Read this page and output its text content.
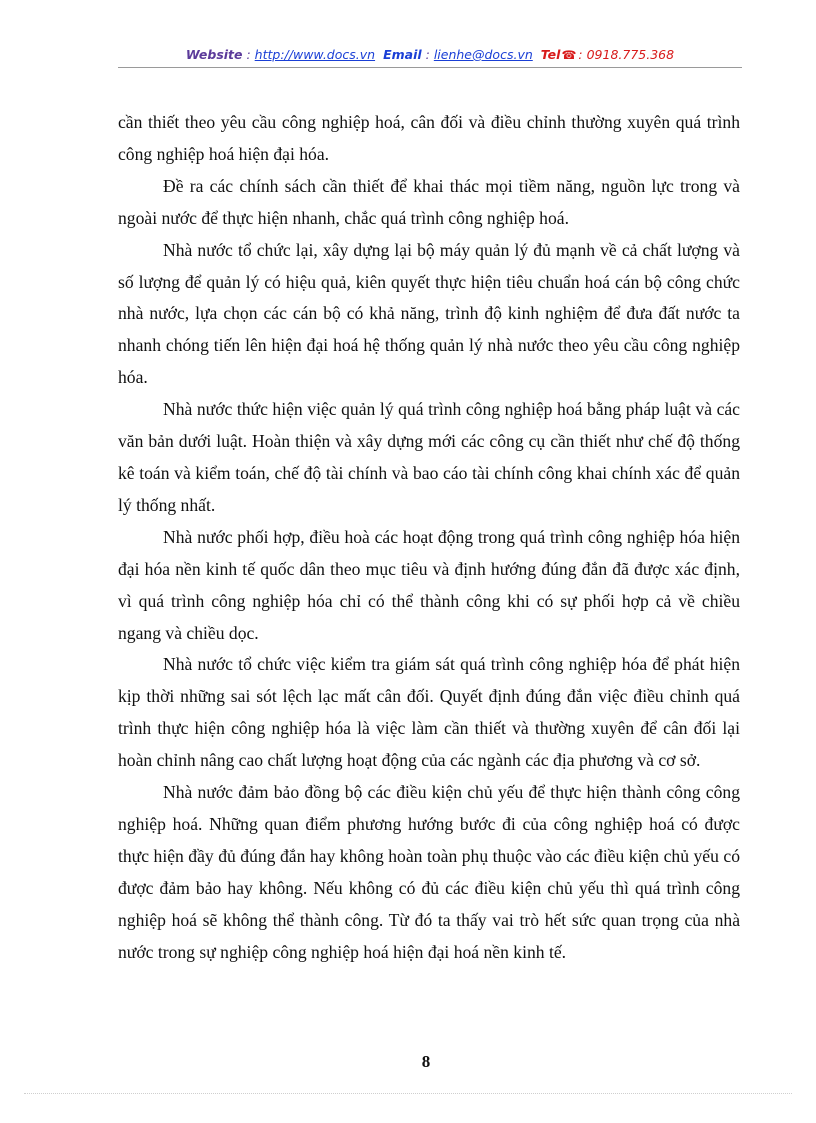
Website : http://www.docs.vn Email : lienhe@docs.vn Tel☎ : 0918.775.368

cần thiết theo yêu cầu công nghiệp hoá, cân đối và điều chỉnh thường xuyên quá trình công nghiệp hoá hiện đại hóa.

Đề ra các chính sách cần thiết để khai thác mọi tiềm năng, nguồn lực trong và ngoài nước để thực hiện nhanh, chắc quá trình công nghiệp hoá.

Nhà nước tổ chức lại, xây dựng lại bộ máy quản lý đủ mạnh về cả chất lượng và số lượng để quản lý có hiệu quả, kiên quyết thực hiện tiêu chuẩn hoá cán bộ công chức nhà nước, lựa chọn các cán bộ có khả năng, trình độ kinh nghiệm để đưa đất nước ta nhanh chóng tiến lên hiện đại hoá hệ thống quản lý nhà nước theo yêu cầu công nghiệp hóa.

Nhà nước thức hiện việc quản lý quá trình công nghiệp hoá bằng pháp luật và các văn bản dưới luật. Hoàn thiện và xây dựng mới các công cụ cần thiết như chế độ thống kê toán và kiểm toán, chế độ tài chính và bao cáo tài chính công khai chính xác để quản lý thống nhất.

Nhà nước phối hợp, điều hoà các hoạt động trong quá trình công nghiệp hóa hiện đại hóa nền kinh tế quốc dân theo mục tiêu và định hướng đúng đắn đã được xác định, vì quá trình công nghiệp hóa chỉ có thể thành công khi có sự phối hợp cả về chiều ngang và chiều dọc.

Nhà nước tổ chức việc kiểm tra giám sát quá trình công nghiệp hóa để phát hiện kịp thời những sai sót lệch lạc mất cân đối. Quyết định đúng đắn việc điều chỉnh quá trình thực hiện công nghiệp hóa là việc làm cần thiết và thường xuyên để cân đối lại hoàn chỉnh nâng cao chất lượng hoạt động của các ngành các địa phương và cơ sở.

Nhà nước đảm bảo đồng bộ các điều kiện chủ yếu để thực hiện thành công công nghiệp hoá. Những quan điểm phương hướng bước đi của công nghiệp hoá có được thực hiện đầy đủ đúng đắn hay không hoàn toàn phụ thuộc vào các điều kiện chủ yếu có được đảm bảo hay không. Nếu không có đủ các điều kiện chủ yếu thì quá trình công nghiệp hoá sẽ không thể thành công. Từ đó ta thấy vai trò hết sức quan trọng của nhà nước trong sự nghiệp công nghiệp hoá hiện đại hoá nền kinh tế.

8
